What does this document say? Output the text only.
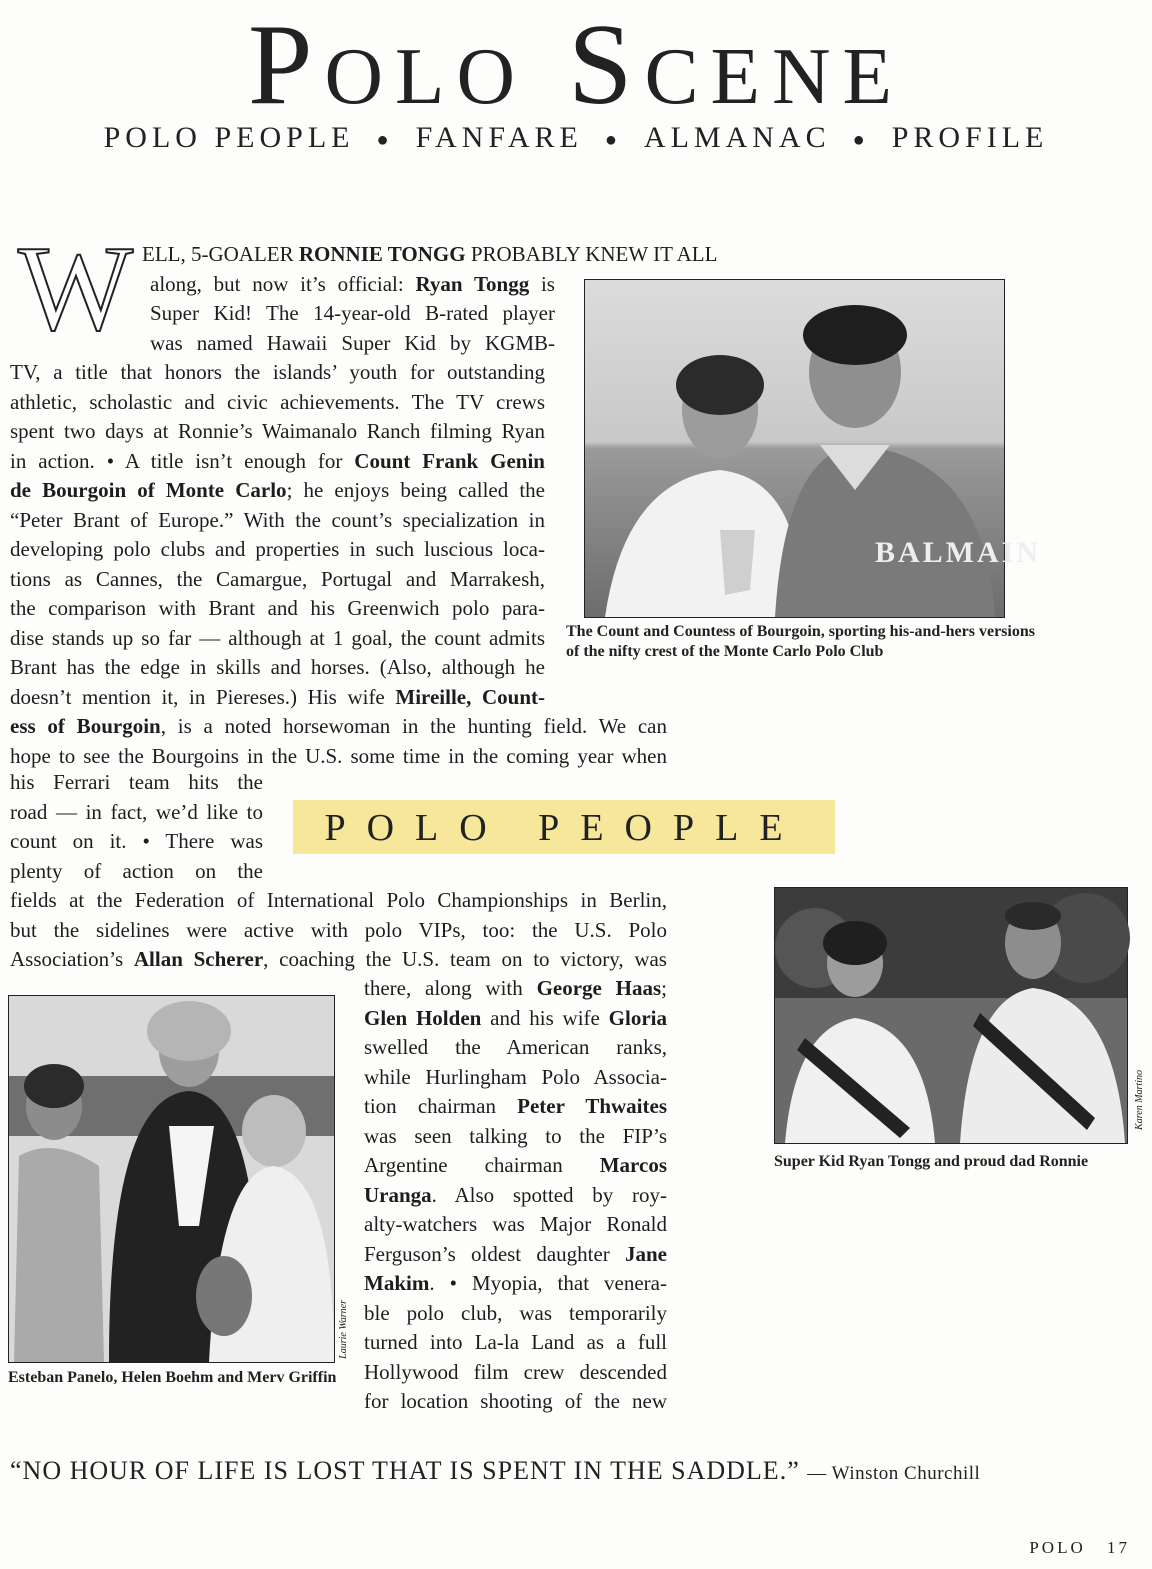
Polo Scene
POLO PEOPLE ● FANFARE ● ALMANAC ● PROFILE
W ELL, 5-GOALER RONNIE TONGG PROBABLY KNEW IT ALL
along, but now it’s official: Ryan Tongg is
Super Kid! The 14-year-old B-rated player
was named Hawaii Super Kid by KGMB-
TV, a title that honors the islands’ youth for outstanding
athletic, scholastic and civic achievements. The TV crews
spent two days at Ronnie’s Waimanalo Ranch filming Ryan
in action. • A title isn’t enough for Count Frank Genin
de Bourgoin of Monte Carlo; he enjoys being called the
“Peter Brant of Europe.” With the count’s specialization in
developing polo clubs and properties in such luscious loca-
tions as Cannes, the Camargue, Portugal and Marrakesh,
the comparison with Brant and his Greenwich polo para-
dise stands up so far — although at 1 goal, the count admits
Brant has the edge in skills and horses. (Also, although he
doesn’t mention it, in Piereses.) His wife Mireille, Count-
ess of Bourgoin, is a noted horsewoman in the hunting field. We can
hope to see the Bourgoins in the U.S. some time in the coming year when
BALMAIN
The Count and Countess of Bourgoin, sporting his-and-hers versions of the nifty crest of the Monte Carlo Polo Club
his Ferrari team hits the
road — in fact, we’d like to
count on it. • There was
plenty of action on the
POLO PEOPLE
fields at the Federation of International Polo Championships in Berlin,
but the sidelines were active with polo VIPs, too: the U.S. Polo
Association’s Allan Scherer, coaching the U.S. team on to victory, was
Karen Martino
Super Kid Ryan Tongg and proud dad Ronnie
Laurie Warner
Esteban Panelo, Helen Boehm and Merv Griffin
there, along with George Haas;
Glen Holden and his wife Gloria
swelled the American ranks,
while Hurlingham Polo Associa-
tion chairman Peter Thwaites
was seen talking to the FIP’s
Argentine chairman Marcos
Uranga. Also spotted by roy-
alty-watchers was Major Ronald
Ferguson’s oldest daughter Jane
Makim. • Myopia, that venera-
ble polo club, was temporarily
turned into La-la Land as a full
Hollywood film crew descended
for location shooting of the new
“NO HOUR OF LIFE IS LOST THAT IS SPENT IN THE SADDLE.” — Winston Churchill
POLO 17
